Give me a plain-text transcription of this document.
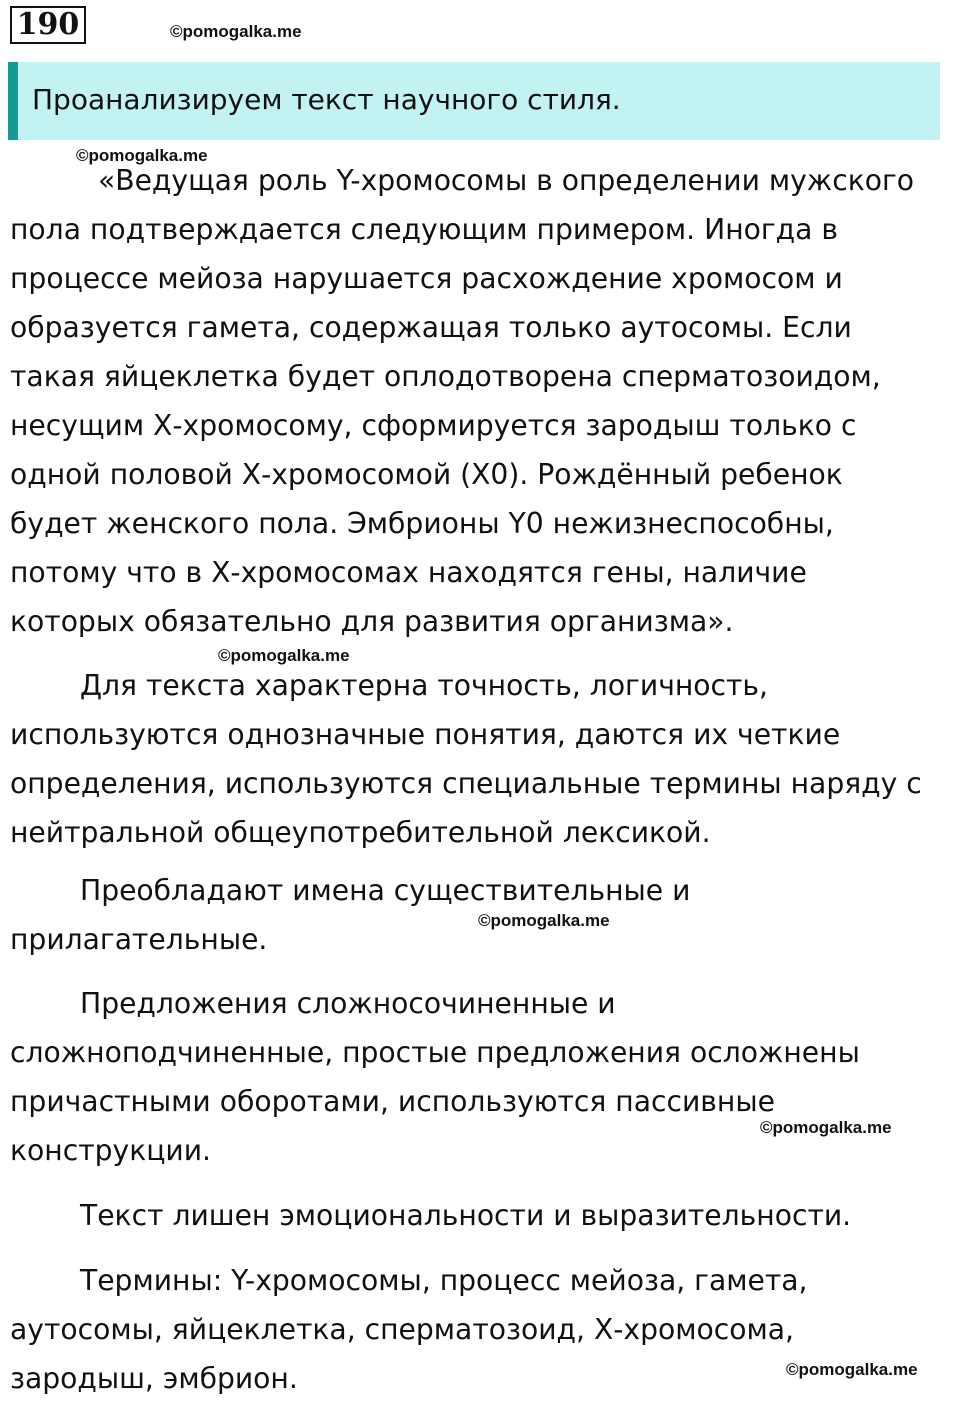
190	©pomogalka.me
Проанализируем текст научного стиля.
©pomogalka.me
«Ведущая роль Y-хромосомы в определении мужского
пола подтверждается следующим примером. Иногда в
процессе мейоза нарушается расхождение хромосом и
образуется гамета, содержащая только аутосомы. Если
такая яйцеклетка будет оплодотворена сперматозоидом,
несущим Х-хромосому, сформируется зародыш только с
одной половой Х-хромосомой (Х0). Рождённый ребенок
будет женского пола. Эмбрионы Y0 нежизнеспособны,
потому что в Х-хромосомах находятся гены, наличие
которых обязательно для развития организма».
©pomogalka.me
Для текста характерна точность, логичность,
используются однозначные понятия, даются их четкие
определения, используются специальные термины наряду с
нейтральной общеупотребительной лексикой.
Преобладают имена существительные и
прилагательные.
©pomogalka.me
Предложения сложносочиненные и
сложноподчиненные, простые предложения осложнены
причастными оборотами, используются пассивные
конструкции.
©pomogalka.me
Текст лишен эмоциональности и выразительности.
Термины: Y-хромосомы, процесс мейоза, гамета,
аутосомы, яйцеклетка, сперматозоид, Х-хромосома,
зародыш, эмбрион.	©pomogalka.me
